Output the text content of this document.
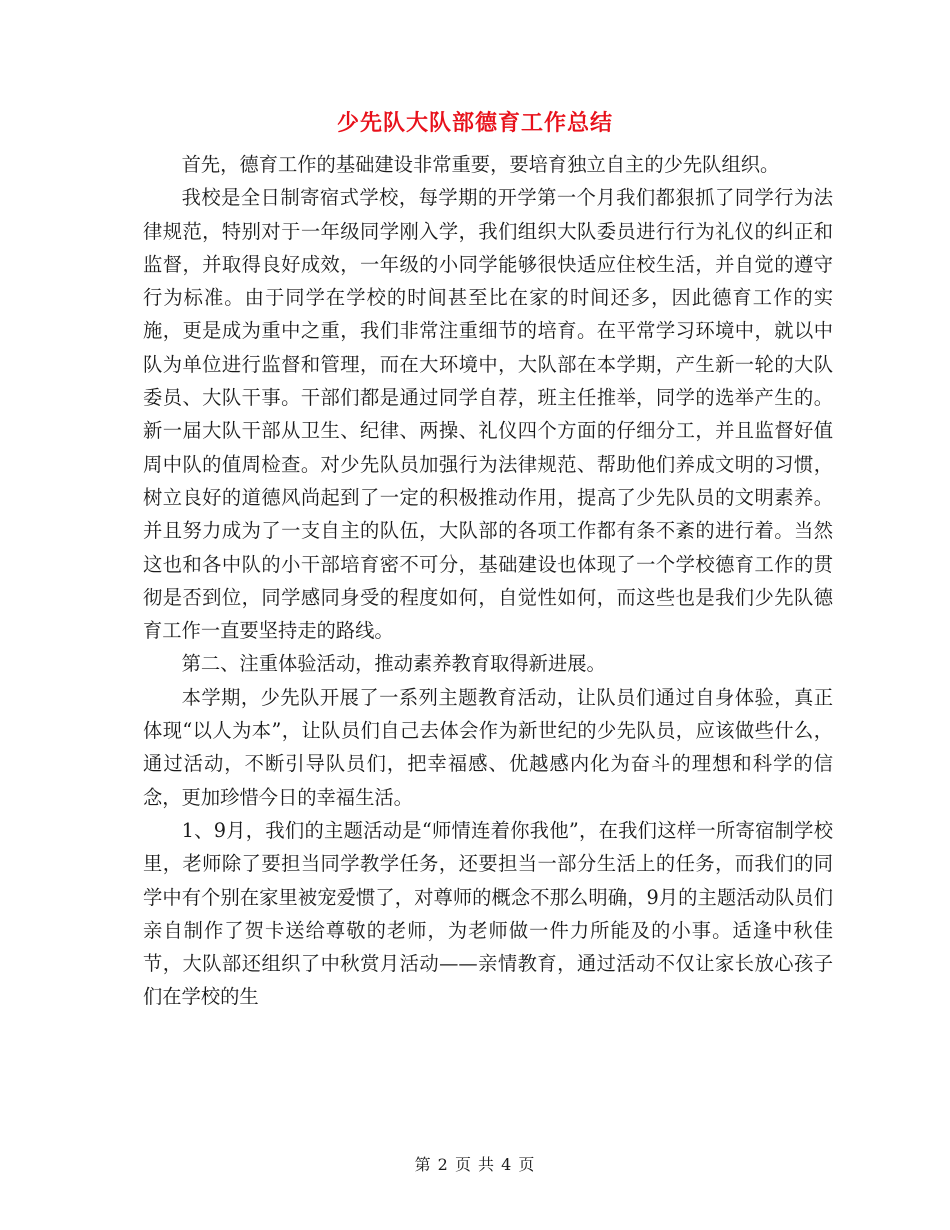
少先队大队部德育工作总结

首先，德育工作的基础建设非常重要，要培育独立自主的少先队组织。

我校是全日制寄宿式学校，每学期的开学第一个月我们都狠抓了同学行为法律规范，特别对于一年级同学刚入学，我们组织大队委员进行行为礼仪的纠正和监督，并取得良好成效，一年级的小同学能够很快适应住校生活，并自觉的遵守行为标准。由于同学在学校的时间甚至比在家的时间还多，因此德育工作的实施，更是成为重中之重，我们非常注重细节的培育。在平常学习环境中，就以中队为单位进行监督和管理，而在大环境中，大队部在本学期，产生新一轮的大队委员、大队干事。干部们都是通过同学自荐，班主任推举，同学的选举产生的。新一届大队干部从卫生、纪律、两操、礼仪四个方面的仔细分工，并且监督好值周中队的值周检查。对少先队员加强行为法律规范、帮助他们养成文明的习惯，树立良好的道德风尚起到了一定的积极推动作用，提高了少先队员的文明素养。并且努力成为了一支自主的队伍，大队部的各项工作都有条不紊的进行着。当然这也和各中队的小干部培育密不可分，基础建设也体现了一个学校德育工作的贯彻是否到位，同学感同身受的程度如何，自觉性如何，而这些也是我们少先队德育工作一直要坚持走的路线。

第二、注重体验活动，推动素养教育取得新进展。

本学期，少先队开展了一系列主题教育活动，让队员们通过自身体验，真正体现“以人为本”，让队员们自己去体会作为新世纪的少先队员，应该做些什么，通过活动，不断引导队员们，把幸福感、优越感内化为奋斗的理想和科学的信念，更加珍惜今日的幸福生活。

1、9月，我们的主题活动是“师情连着你我他”，在我们这样一所寄宿制学校里，老师除了要担当同学教学任务，还要担当一部分生活上的任务，而我们的同学中有个别在家里被宠爱惯了，对尊师的概念不那么明确，9月的主题活动队员们亲自制作了贺卡送给尊敬的老师，为老师做一件力所能及的小事。适逢中秋佳节，大队部还组织了中秋赏月活动——亲情教育，通过活动不仅让家长放心孩子们在学校的生

第 2 页 共 4 页
